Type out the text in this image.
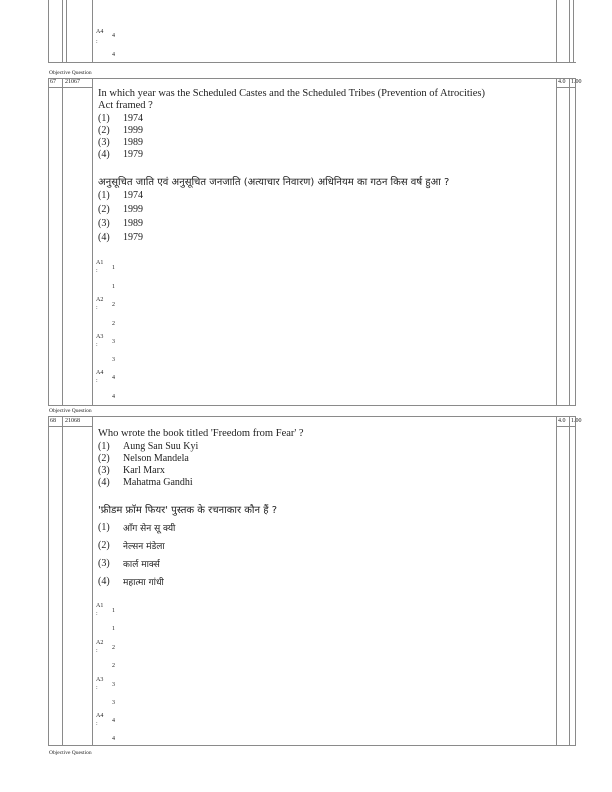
A4
4
:
4
Objective Question
67 21067	4.0 1.00
In which year was the Scheduled Castes and the Scheduled Tribes (Prevention of Atrocities)
Act framed ?
(1) 1974
(2) 1999
(3) 1989
(4) 1979
अनुसूचित जाति एवं अनुसूचित जनजाति (अत्याचार निवारण) अधिनियम का गठन किस वर्ष हुआ ?
(1) 1974
(2) 1999
(3) 1989
(4) 1979
A1
: 1
1
A2
: 2
2
A3
: 3
3
A4
: 4
4
Objective Question
68 21068	4.0 1.00
Who wrote the book titled 'Freedom from Fear' ?
(1) Aung San Suu Kyi
(2) Nelson Mandela
(3) Karl Marx
(4) Mahatma Gandhi
'फ्रीडम फ्रॉम फियर' पुस्तक के रचनाकार कौन हैं ?
(1) आँग सेन सू क्यी
(2) नेल्सन मंडेला
(3) कार्ल मार्क्स
(4) महात्मा गांधी
A1
: 1
1
A2
: 2
2
A3
: 3
3
A4
: 4
4
Objective Question
